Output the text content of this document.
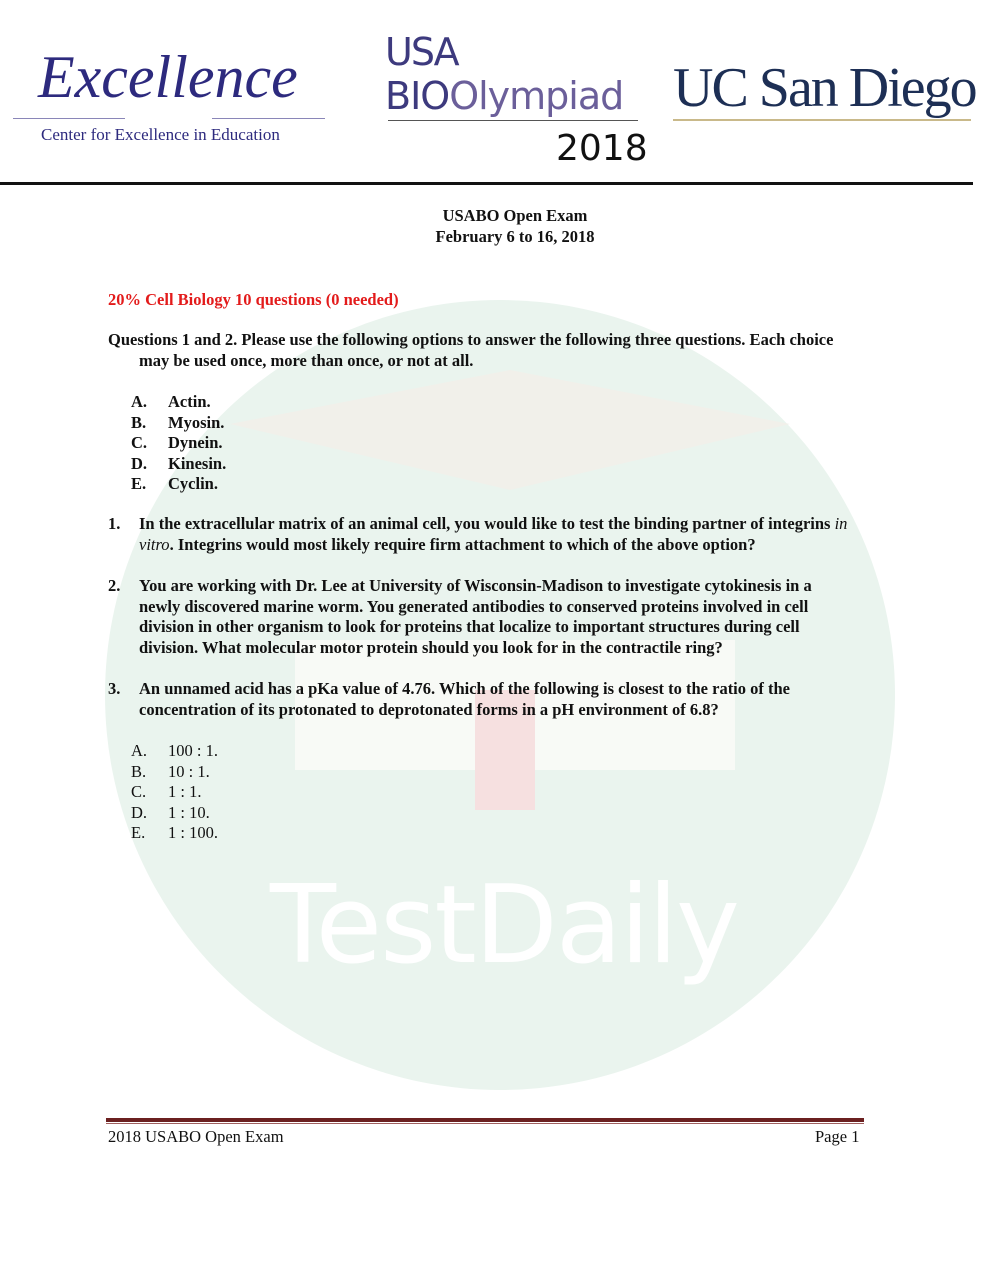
TestDaily
Excellence
Center for Excellence in Education
USA
BIOOlympiad
2018
UC San Diego
USABO Open Exam
February 6 to 16, 2018
20% Cell Biology 10 questions (0 needed)
Questions 1 and 2. Please use the following options to answer the following three questions. Each choice
may be used once, more than once, or not at all.
A.	Actin.
B.	Myosin.
C.	Dynein.
D.	Kinesin.
E.	Cyclin.
1.	In the extracellular matrix of an animal cell, you would like to test the binding partner of integrins in
vitro. Integrins would most likely require firm attachment to which of the above option?
2.	You are working with Dr. Lee at University of Wisconsin-Madison to investigate cytokinesis in a
newly discovered marine worm. You generated antibodies to conserved proteins involved in cell
division in other organism to look for proteins that localize to important structures during cell
division. What molecular motor protein should you look for in the contractile ring?
3.	An unnamed acid has a pKa value of 4.76. Which of the following is closest to the ratio of the
concentration of its protonated to deprotonated forms in a pH environment of 6.8?
A.	100 : 1.
B.	10 : 1.
C.	1 : 1.
D.	1 : 10.
E.	1 : 100.
2018 USABO Open Exam	Page 1
